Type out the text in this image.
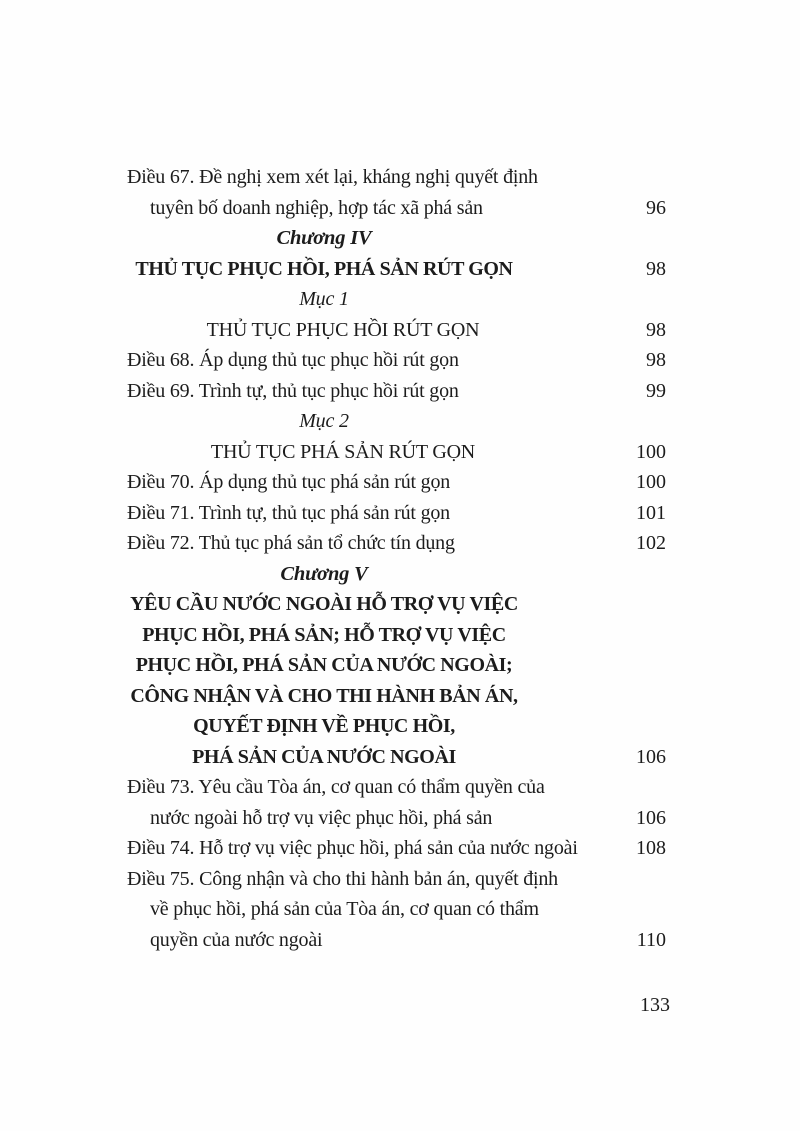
Điều 67. Đề nghị xem xét lại, kháng nghị quyết định
tuyên bố doanh nghiệp, hợp tác xã phá sản	96
Chương IV
THỦ TỤC PHỤC HỒI, PHÁ SẢN RÚT GỌN	98
Mục 1
THỦ TỤC PHỤC HỒI RÚT GỌN	98
Điều 68. Áp dụng thủ tục phục hồi rút gọn	98
Điều 69. Trình tự, thủ tục phục hồi rút gọn	99
Mục 2
THỦ TỤC PHÁ SẢN RÚT GỌN	100
Điều 70. Áp dụng thủ tục phá sản rút gọn	100
Điều 71. Trình tự, thủ tục phá sản rút gọn	101
Điều 72. Thủ tục phá sản tổ chức tín dụng	102
Chương V
YÊU CẦU NƯỚC NGOÀI HỖ TRỢ VỤ VIỆC
PHỤC HỒI, PHÁ SẢN; HỖ TRỢ VỤ VIỆC
PHỤC HỒI, PHÁ SẢN CỦA NƯỚC NGOÀI;
CÔNG NHẬN VÀ CHO THI HÀNH BẢN ÁN,
QUYẾT ĐỊNH VỀ PHỤC HỒI,
PHÁ SẢN CỦA NƯỚC NGOÀI	106
Điều 73. Yêu cầu Tòa án, cơ quan có thẩm quyền của
nước ngoài hỗ trợ vụ việc phục hồi, phá sản	106
Điều 74. Hỗ trợ vụ việc phục hồi, phá sản của nước ngoài	108
Điều 75. Công nhận và cho thi hành bản án, quyết định
về phục hồi, phá sản của Tòa án, cơ quan có thẩm
quyền của nước ngoài	110
133
